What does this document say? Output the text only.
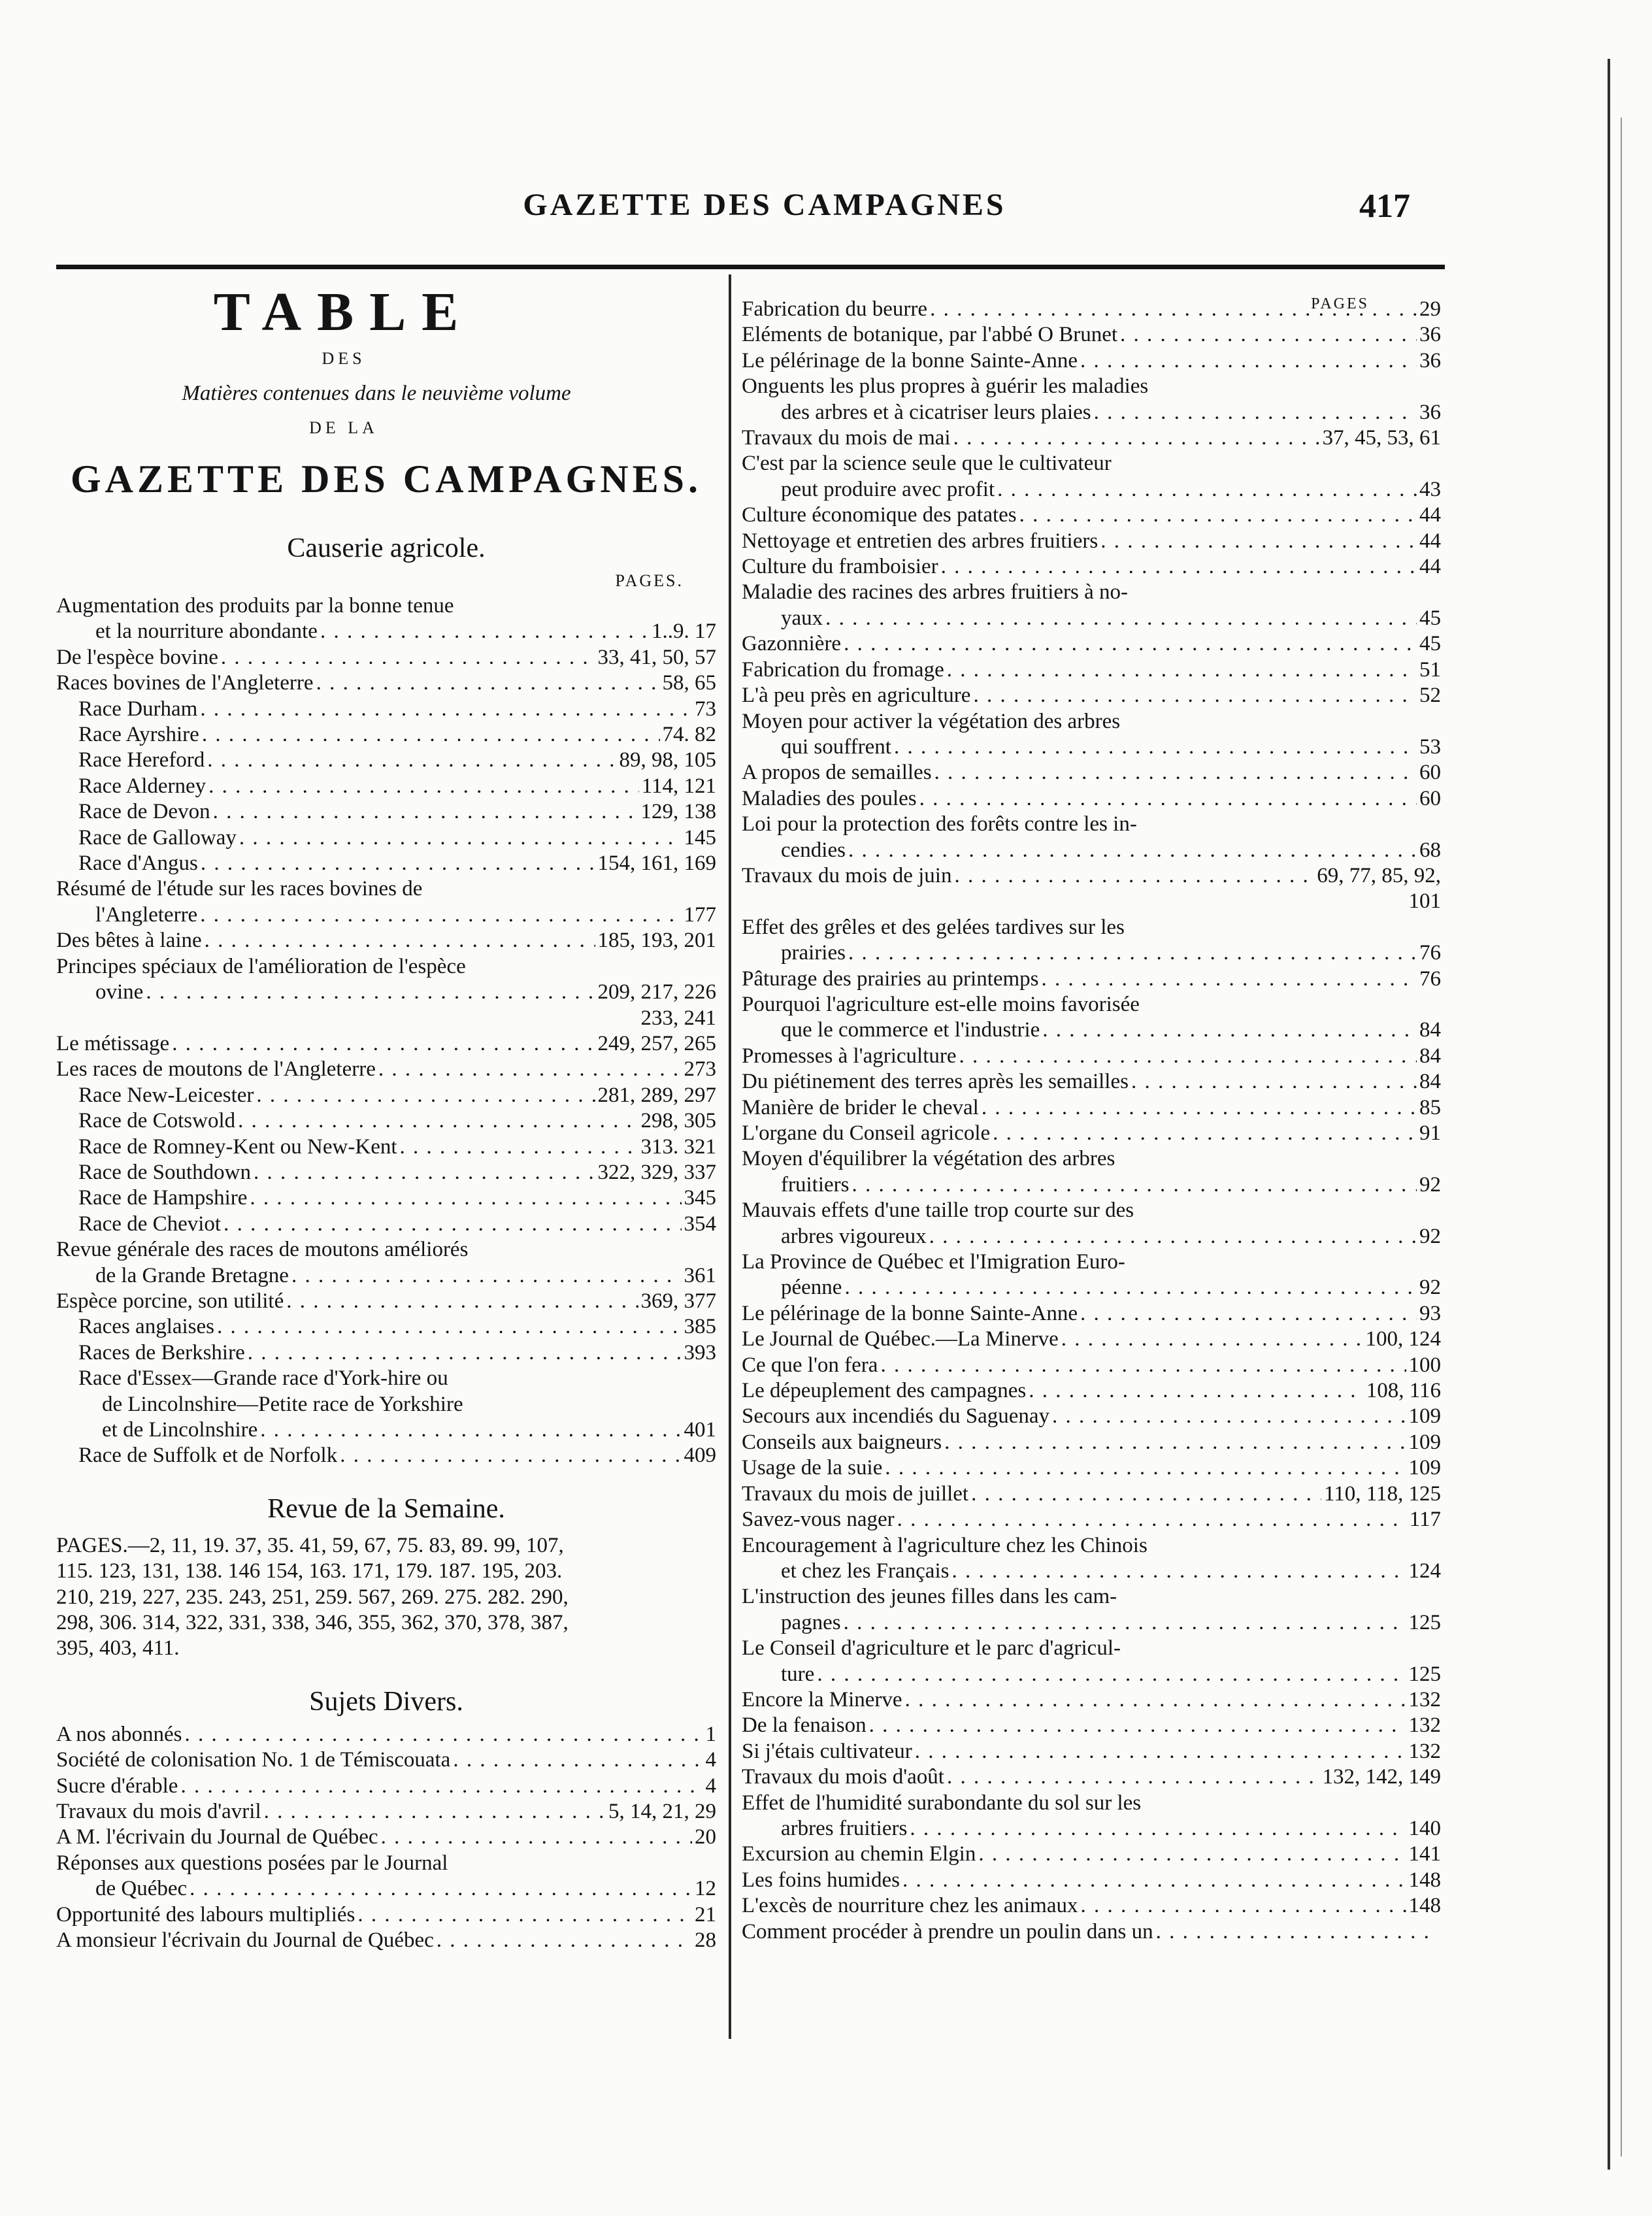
GAZETTE DES CAMPAGNES	417
TABLE
DES
Matières contenues dans le neuvième volume
DE LA
GAZETTE DES CAMPAGNES.
Causerie agricole.
PAGES.
Augmentation des produits par la bonne tenue
et la nourriture abondante . . .	1..9. 17
De l'espèce bovine . . .	33, 41, 50, 57
Races bovines de l'Angleterre . . .	58, 65
Race Durham . . .	73
Race Ayrshire . . .	74. 82
Race Hereford . . .	89, 98, 105
Race Alderney . . .	114, 121
Race de Devon . . .	129, 138
Race de Galloway . . .	145
Race d'Angus . . .	154, 161, 169
Résumé de l'étude sur les races bovines de
l'Angleterre . . .	177
Des bêtes à laine . . .	185, 193, 201
Principes spéciaux de l'amélioration de l'espèce
ovine . . .	209, 217, 226
233, 241
Le métissage . . .	249, 257, 265
Les races de moutons de l'Angleterre . . .	273
Race New-Leicester . . .	281, 289, 297
Race de Cotswold . . .	298, 305
Race de Romney-Kent ou New-Kent . . .	313. 321
Race de Southdown . . .	322, 329, 337
Race de Hampshire . . .	345
Race de Cheviot . . .	354
Revue générale des races de moutons améliorés
de la Grande Bretagne . . .	361
Espèce porcine, son utilité . . .	369, 377
Races anglaises . . .	385
Races de Berkshire . . .	393
Race d'Essex—Grande race d'York-hire ou
de Lincolnshire—Petite race de Yorkshire
et de Lincolnshire . . .	401
Race de Suffolk et de Norfolk . . .	409
Revue de la Semaine.
PAGES.—2, 11, 19. 37, 35. 41, 59, 67, 75. 83, 89. 99, 107,
115. 123, 131, 138. 146 154, 163. 171, 179. 187. 195, 203.
210, 219, 227, 235. 243, 251, 259. 567, 269. 275. 282. 290,
298, 306. 314, 322, 331, 338, 346, 355, 362, 370, 378, 387,
395, 403, 411.
Sujets Divers.
A nos abonnés . . .	1
Société de colonisation No. 1 de Témiscouata . . .	4
Sucre d'érable . . .	4
Travaux du mois d'avril . . .	5, 14, 21, 29
A M. l'écrivain du Journal de Québec . . .	20
Réponses aux questions posées par le Journal
de Québec . . .	12
Opportunité des labours multipliés . . .	21
A monsieur l'écrivain du Journal de Québec . . .	28
PAGES
Fabrication du beurre . . .	29
Eléments de botanique, par l'abbé O Brunet . . .	36
Le pélérinage de la bonne Sainte-Anne . . .	36
Onguents les plus propres à guérir les maladies
des arbres et à cicatriser leurs plaies . . .	36
Travaux du mois de mai . . .	37, 45, 53, 61
C'est par la science seule que le cultivateur
peut produire avec profit . . .	43
Culture économique des patates . . .	44
Nettoyage et entretien des arbres fruitiers . . .	44
Culture du framboisier . . .	44
Maladie des racines des arbres fruitiers à no-
yaux . . .	45
Gazonnière . . .	45
Fabrication du fromage . . .	51
L'à peu près en agriculture . . .	52
Moyen pour activer la végétation des arbres
qui souffrent . . .	53
A propos de semailles . . .	60
Maladies des poules . . .	60
Loi pour la protection des forêts contre les in-
cendies . . .	68
Travaux du mois de juin . . .	69, 77, 85, 92,
101
Effet des grêles et des gelées tardives sur les
prairies . . .	76
Pâturage des prairies au printemps . . .	76
Pourquoi l'agriculture est-elle moins favorisée
que le commerce et l'industrie . . .	84
Promesses à l'agriculture . . .	84
Du piétinement des terres après les semailles . . .	84
Manière de brider le cheval . . .	85
L'organe du Conseil agricole . . .	91
Moyen d'équilibrer la végétation des arbres
fruitiers . . .	92
Mauvais effets d'une taille trop courte sur des
arbres vigoureux . . .	92
La Province de Québec et l'Imigration Euro-
péenne . . .	92
Le pélérinage de la bonne Sainte-Anne . . .	93
Le Journal de Québec.—La Minerve . . .	100, 124
Ce que l'on fera . . .	100
Le dépeuplement des campagnes . . .	108, 116
Secours aux incendiés du Saguenay . . .	109
Conseils aux baigneurs . . .	109
Usage de la suie . . .	109
Travaux du mois de juillet . . .	110, 118, 125
Savez-vous nager . . .	117
Encouragement à l'agriculture chez les Chinois
et chez les Français . . .	124
L'instruction des jeunes filles dans les cam-
pagnes . . .	125
Le Conseil d'agriculture et le parc d'agricul-
ture . . .	125
Encore la Minerve . . .	132
De la fenaison . . .	132
Si j'étais cultivateur . . .	132
Travaux du mois d'août . . .	132, 142, 149
Effet de l'humidité surabondante du sol sur les
arbres fruitiers . . .	140
Excursion au chemin Elgin . . .	141
Les foins humides . . .	148
L'excès de nourriture chez les animaux . . .	148
Comment procéder à prendre un poulin dans un
. . .
